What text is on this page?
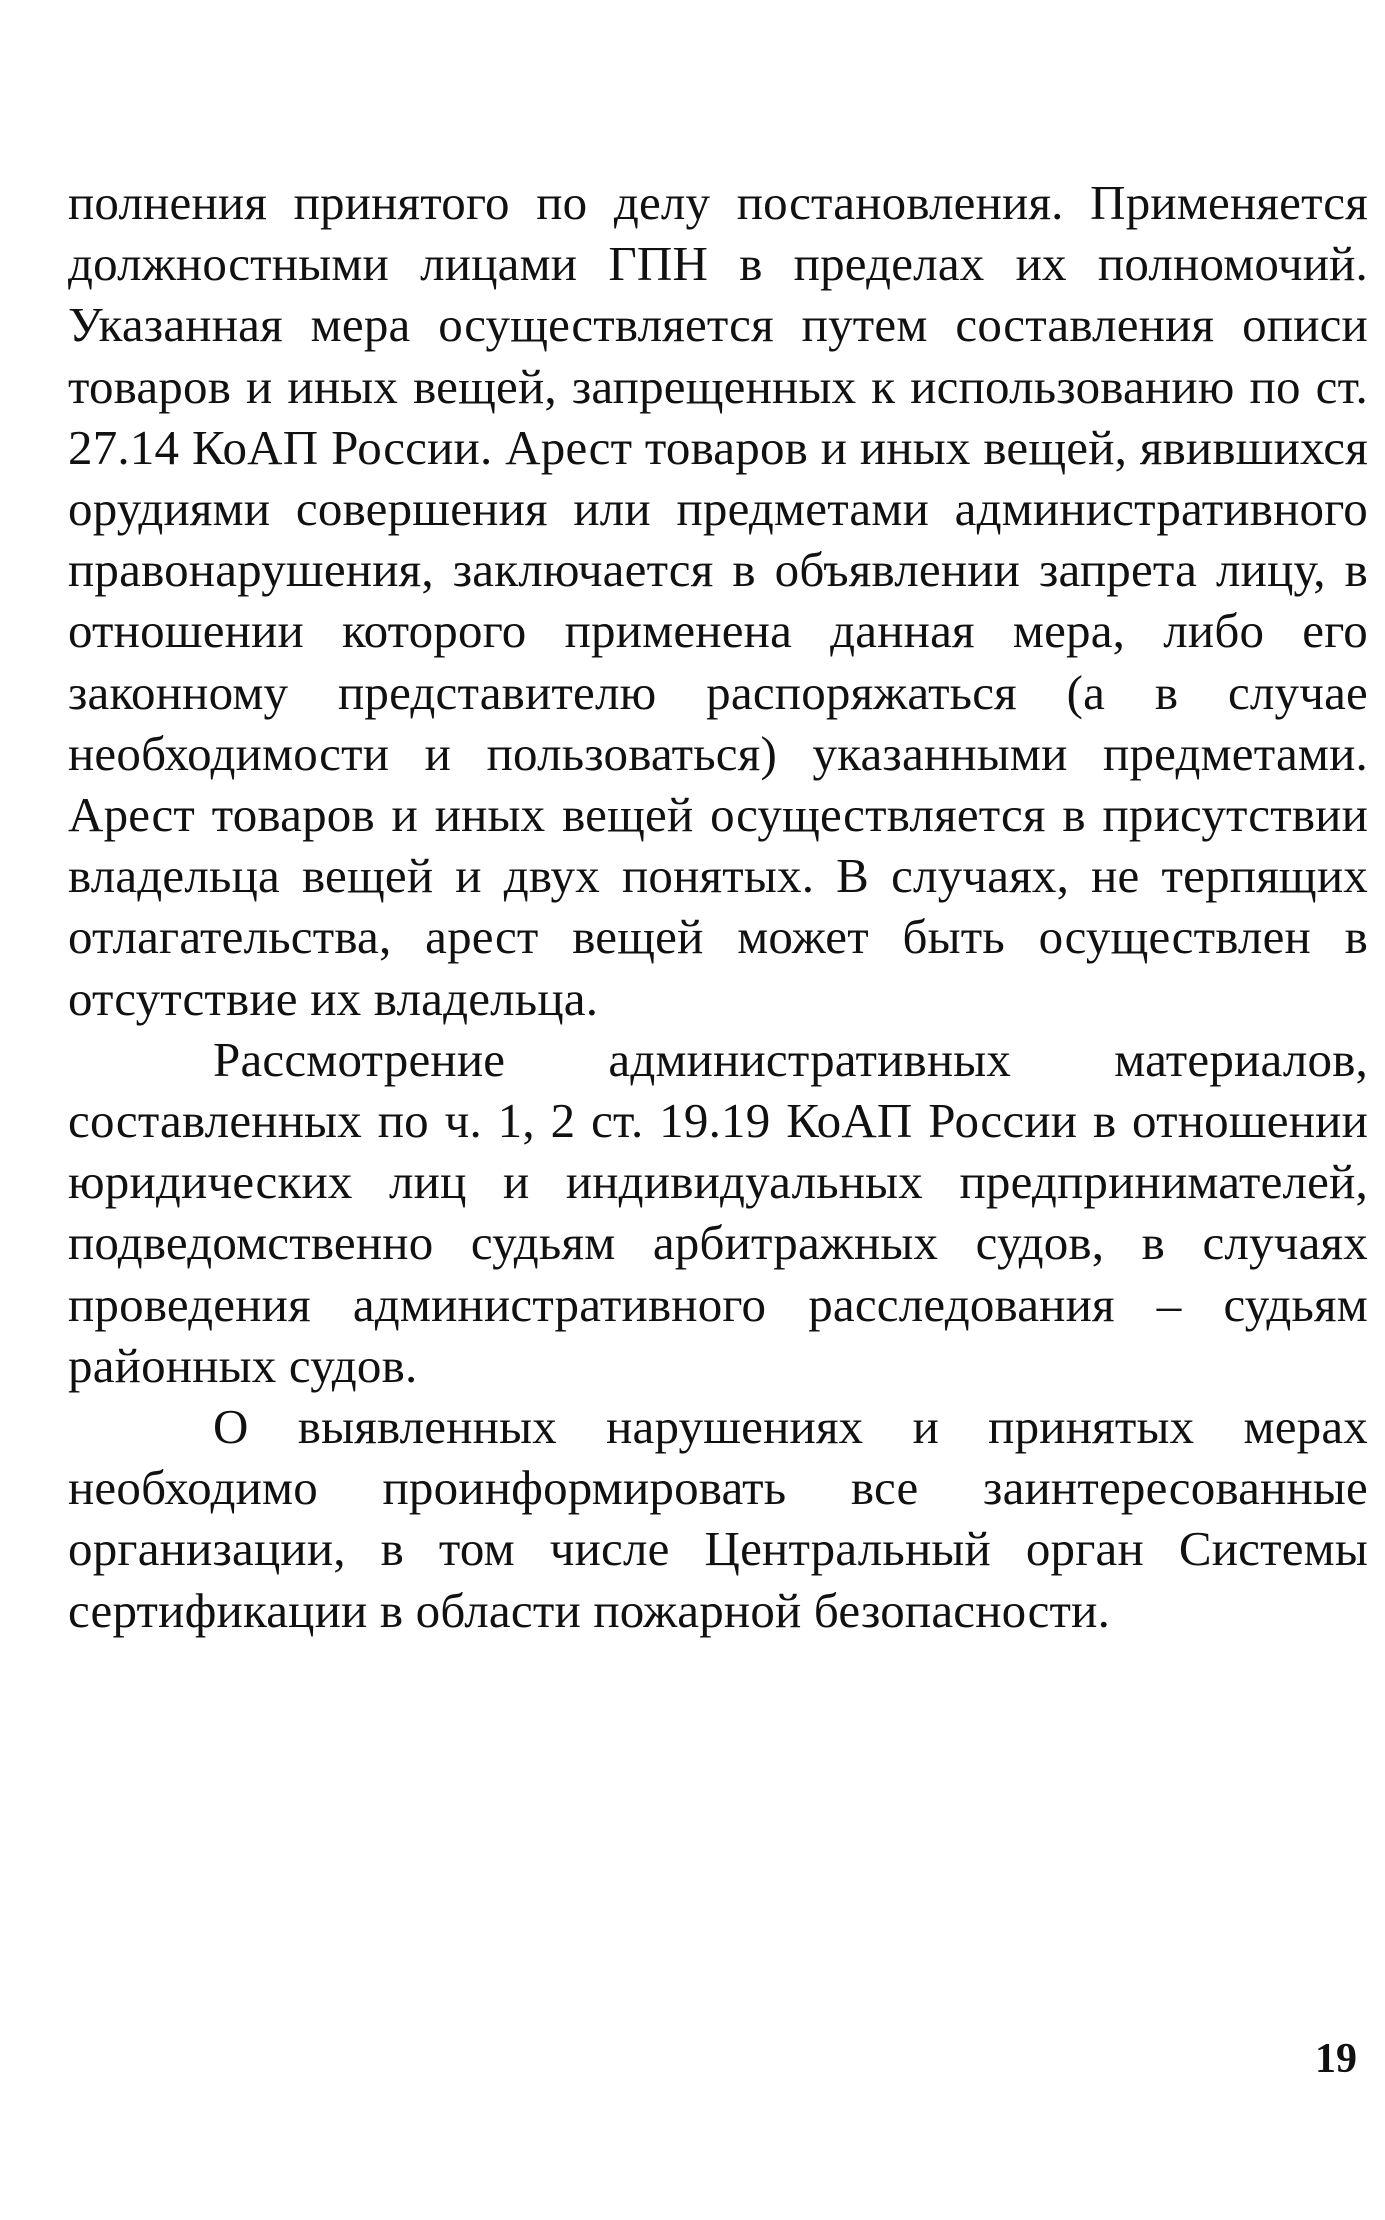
полнения принятого по делу постановления. Применяется должностными лицами ГПН в пределах их полномочий. Указанная мера осуществляется путем составления описи товаров и иных вещей, запрещенных к использованию по ст. 27.14 КоАП России. Арест товаров и иных вещей, явившихся орудиями совершения или предметами административного правонарушения, заключается в объявлении запрета лицу, в отношении которого применена данная мера, либо его законному представителю распоряжаться (а в случае необходимости и пользоваться) указанными предметами. Арест товаров и иных вещей осуществляется в присутствии владельца вещей и двух понятых. В случаях, не терпящих отлагательства, арест вещей может быть осуществлен в отсутствие их владельца.

Рассмотрение административных материалов, составленных по ч. 1, 2 ст. 19.19 КоАП России в отношении юридических лиц и индивидуальных предпринимателей, подведомственно судьям арбитражных судов, в случаях проведения административного расследования – судьям районных судов.

О выявленных нарушениях и принятых мерах необходимо проинформировать все заинтересованные организации, в том числе Центральный орган Системы сертификации в области пожарной безопасности.

19
